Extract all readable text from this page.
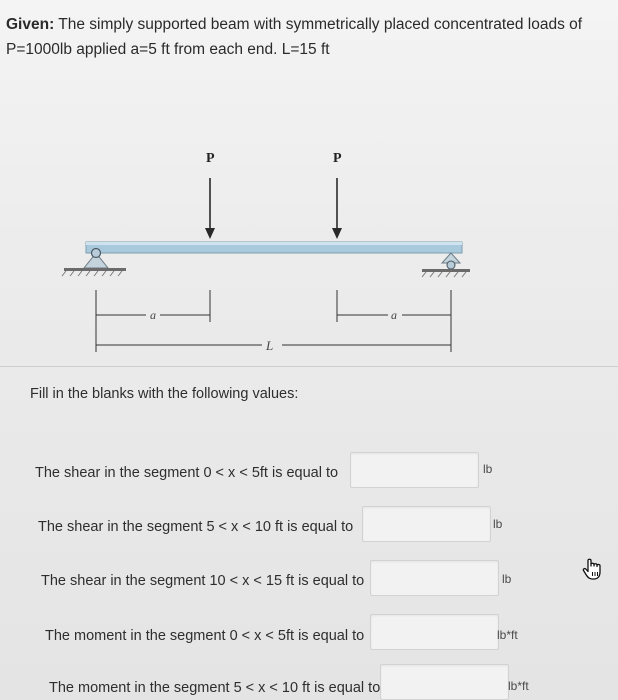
Given: The simply supported beam with symmetrically placed concentrated loads of P=1000lb applied a=5 ft from each end. L=15 ft
P	P
a	a
L
Fill in the blanks with the following values:
The shear in the segment 0 < x < 5ft is equal to	lb
The shear in the segment 5 < x < 10 ft is equal to	lb
The shear in the segment 10 < x < 15 ft is equal to	lb
The moment in the segment 0 < x < 5ft is equal to	lb*ft
The moment in the segment 5 < x < 10 ft is equal to	lb*ft
